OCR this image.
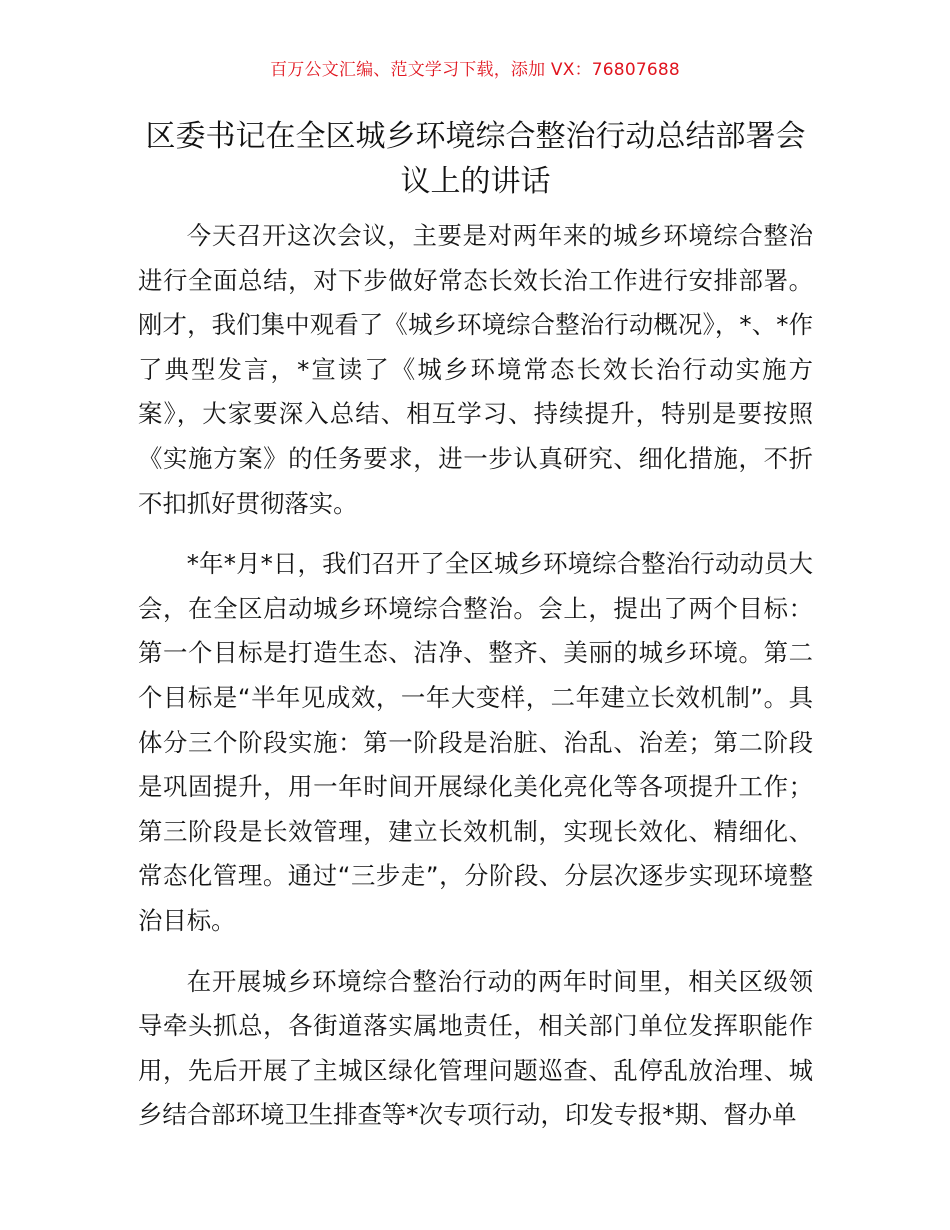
百万公文汇编、范文学习下载，添加 VX：76807688
区委书记在全区城乡环境综合整治行动总结部署会议上的讲话

今天召开这次会议，主要是对两年来的城乡环境综合整治进行全面总结，对下步做好常态长效长治工作进行安排部署。刚才，我们集中观看了《城乡环境综合整治行动概况》，*、*作了典型发言，*宣读了《城乡环境常态长效长治行动实施方案》，大家要深入总结、相互学习、持续提升，特别是要按照《实施方案》的任务要求，进一步认真研究、细化措施，不折不扣抓好贯彻落实。

*年*月*日，我们召开了全区城乡环境综合整治行动动员大会，在全区启动城乡环境综合整治。会上，提出了两个目标：第一个目标是打造生态、洁净、整齐、美丽的城乡环境。第二个目标是“半年见成效，一年大变样，二年建立长效机制”。具体分三个阶段实施：第一阶段是治脏、治乱、治差；第二阶段是巩固提升，用一年时间开展绿化美化亮化等各项提升工作；第三阶段是长效管理，建立长效机制，实现长效化、精细化、常态化管理。通过“三步走”，分阶段、分层次逐步实现环境整治目标。

在开展城乡环境综合整治行动的两年时间里，相关区级领导牵头抓总，各街道落实属地责任，相关部门单位发挥职能作用，先后开展了主城区绿化管理问题巡查、乱停乱放治理、城乡结合部环境卫生排查等*次专项行动，印发专报*期、督办单
